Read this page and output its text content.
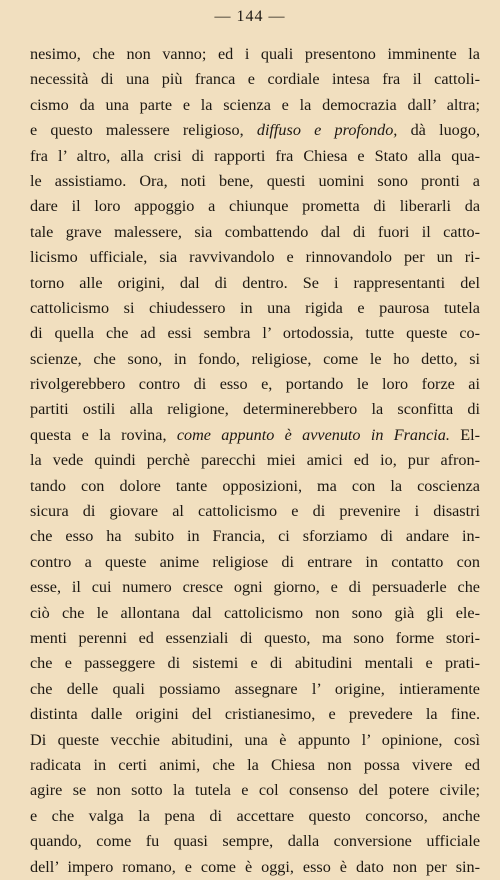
— 144 —
nesimo, che non vanno; ed i quali presentono imminente la
necessità di una più franca e cordiale intesa fra il cattoli-
cismo da una parte e la scienza e la democrazia dall’ altra;
e questo malessere religioso, diffuso e profondo, dà luogo,
fra l’ altro, alla crisi di rapporti fra Chiesa e Stato alla qua-
le assistiamo. Ora, noti bene, questi uomini sono pronti a
dare il loro appoggio a chiunque prometta di liberarli da
tale grave malessere, sia combattendo dal di fuori il catto-
licismo ufficiale, sia ravvivandolo e rinnovandolo per un ri-
torno alle origini, dal di dentro. Se i rappresentanti del
cattolicismo si chiudessero in una rigida e paurosa tutela
di quella che ad essi sembra l’ ortodossia, tutte queste co-
scienze, che sono, in fondo, religiose, come le ho detto, si
rivolgerebbero contro di esso e, portando le loro forze ai
partiti ostili alla religione, determinerebbero la sconfitta di
questa e la rovina, come appunto è avvenuto in Francia. El-
la vede quindi perchè parecchi miei amici ed io, pur afron-
tando con dolore tante opposizioni, ma con la coscienza
sicura di giovare al cattolicismo e di prevenire i disastri
che esso ha subito in Francia, ci sforziamo di andare in-
contro a queste anime religiose di entrare in contatto con
esse, il cui numero cresce ogni giorno, e di persuaderle che
ciò che le allontana dal cattolicismo non sono già gli ele-
menti perenni ed essenziali di questo, ma sono forme stori-
che e passeggere di sistemi e di abitudini mentali e prati-
che delle quali possiamo assegnare l’ origine, intieramente
distinta dalle origini del cristianesimo, e prevedere la fine.
Di queste vecchie abitudini, una è appunto l’ opinione, così
radicata in certi animi, che la Chiesa non possa vivere ed
agire se non sotto la tutela e col consenso del potere civile;
e che valga la pena di accettare questo concorso, anche
quando, come fu quasi sempre, dalla conversione ufficiale
dell’ impero romano, e come è oggi, esso è dato non per sin-
